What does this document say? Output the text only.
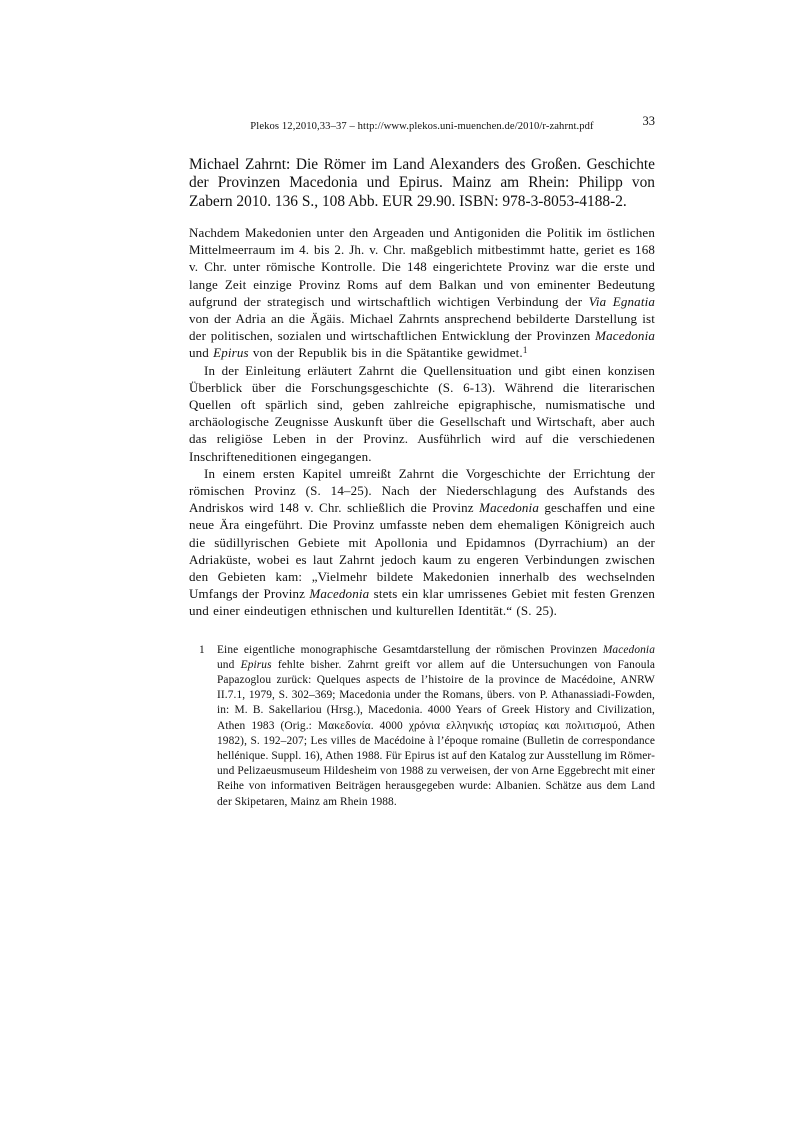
Plekos 12,2010,33–37 – http://www.plekos.uni-muenchen.de/2010/r-zahrnt.pdf	33
Michael Zahrnt: Die Römer im Land Alexanders des Großen. Geschichte der Provinzen Macedonia und Epirus. Mainz am Rhein: Philipp von Zabern 2010. 136 S., 108 Abb. EUR 29.90. ISBN: 978-3-8053-4188-2.

Nachdem Makedonien unter den Argeaden und Antigoniden die Politik im östlichen Mittelmeerraum im 4. bis 2. Jh. v. Chr. maßgeblich mitbestimmt hatte, geriet es 168 v. Chr. unter römische Kontrolle. Die 148 eingerichtete Provinz war die erste und lange Zeit einzige Provinz Roms auf dem Balkan und von eminenter Bedeutung aufgrund der strategisch und wirtschaftlich wichtigen Verbindung der Via Egnatia von der Adria an die Ägäis. Michael Zahrnts ansprechend bebilderte Darstellung ist der politischen, sozialen und wirtschaftlichen Entwicklung der Provinzen Macedonia und Epirus von der Republik bis in die Spätantike gewidmet.$^1$

In der Einleitung erläutert Zahrnt die Quellensituation und gibt einen konzisen Überblick über die Forschungsgeschichte (S. 6-13). Während die literarischen Quellen oft spärlich sind, geben zahlreiche epigraphische, numismatische und archäologische Zeugnisse Auskunft über die Gesellschaft und Wirtschaft, aber auch das religiöse Leben in der Provinz. Ausführlich wird auf die verschiedenen Inschrifteneditionen eingegangen.

In einem ersten Kapitel umreißt Zahrnt die Vorgeschichte der Errichtung der römischen Provinz (S. 14–25). Nach der Niederschlagung des Aufstands des Andriskos wird 148 v. Chr. schließlich die Provinz Macedonia geschaffen und eine neue Ära eingeführt. Die Provinz umfasste neben dem ehemaligen Königreich auch die südillyrischen Gebiete mit Apollonia und Epidamnos (Dyrrachium) an der Adriaküste, wobei es laut Zahrnt jedoch kaum zu engeren Verbindungen zwischen den Gebieten kam: „Vielmehr bildete Makedonien innerhalb des wechselnden Umfangs der Provinz Macedonia stets ein klar umrissenes Gebiet mit festen Grenzen und einer eindeutigen ethnischen und kulturellen Identität.“ (S. 25).

1 Eine eigentliche monographische Gesamtdarstellung der römischen Provinzen Macedonia und Epirus fehlte bisher. Zahrnt greift vor allem auf die Untersuchungen von Fanoula Papazoglou zurück: Quelques aspects de l’histoire de la province de Macédoine, ANRW II.7.1, 1979, S. 302–369; Macedonia under the Romans, übers. von P. Athanassiadi-Fowden, in: M. B. Sakellariou (Hrsg.), Macedonia. 4000 Years of Greek History and Civilization, Athen 1983 (Orig.: Μακεδονία. 4000 χρόνια ελληνικής ιστορίας και πολιτισμού, Athen 1982), S. 192–207; Les villes de Macédoine à l’époque romaine (Bulletin de correspondance hellénique. Suppl. 16), Athen 1988. Für Epirus ist auf den Katalog zur Ausstellung im Römer- und Pelizaeusmuseum Hildesheim von 1988 zu verweisen, der von Arne Eggebrecht mit einer Reihe von informativen Beiträgen herausgegeben wurde: Albanien. Schätze aus dem Land der Skipetaren, Mainz am Rhein 1988.
